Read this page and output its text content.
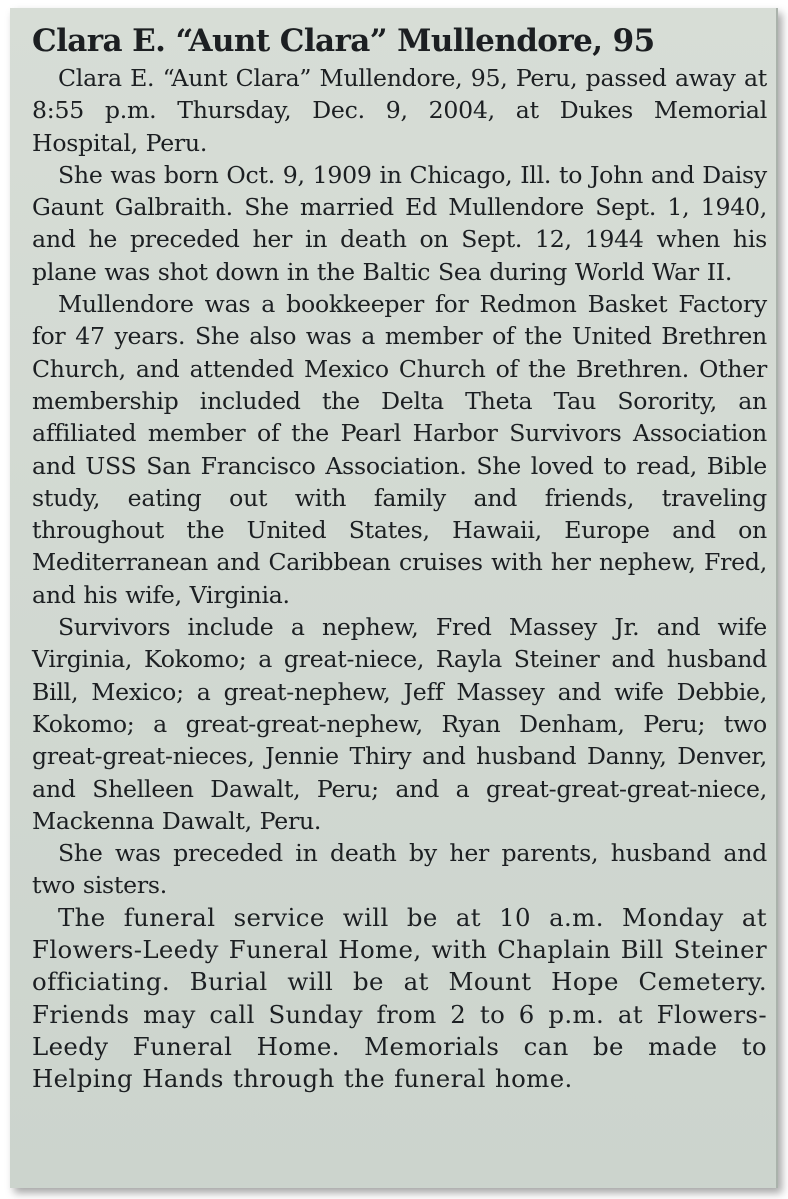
Clara E. “Aunt Clara” Mullendore, 95

Clara E. “Aunt Clara” Mullendore, 95, Peru, passed away at 8:55 p.m. Thursday, Dec. 9, 2004, at Dukes Memorial Hospital, Peru.

She was born Oct. 9, 1909 in Chicago, Ill. to John and Daisy Gaunt Galbraith. She married Ed Mullendore Sept. 1, 1940, and he preceded her in death on Sept. 12, 1944 when his plane was shot down in the Baltic Sea during World War II.

Mullendore was a bookkeeper for Redmon Basket Factory for 47 years. She also was a member of the United Brethren Church, and attended Mexico Church of the Brethren. Other membership included the Delta Theta Tau Sorority, an affiliated member of the Pearl Harbor Survivors Association and USS San Francisco Association. She loved to read, Bible study, eating out with family and friends, traveling throughout the United States, Hawaii, Europe and on Mediterranean and Caribbean cruises with her nephew, Fred, and his wife, Virginia.

Survivors include a nephew, Fred Massey Jr. and wife Virginia, Kokomo; a great-niece, Rayla Steiner and husband Bill, Mexico; a great-nephew, Jeff Massey and wife Debbie, Kokomo; a great-great-nephew, Ryan Denham, Peru; two great-great-nieces, Jennie Thiry and husband Danny, Denver, and Shelleen Dawalt, Peru; and a great-great-great-niece, Mackenna Dawalt, Peru.

She was preceded in death by her parents, husband and two sisters.

The funeral service will be at 10 a.m. Monday at Flowers-Leedy Funeral Home, with Chaplain Bill Steiner officiating. Burial will be at Mount Hope Cemetery. Friends may call Sunday from 2 to 6 p.m. at Flowers-Leedy Funeral Home. Memorials can be made to Helping Hands through the funeral home.
